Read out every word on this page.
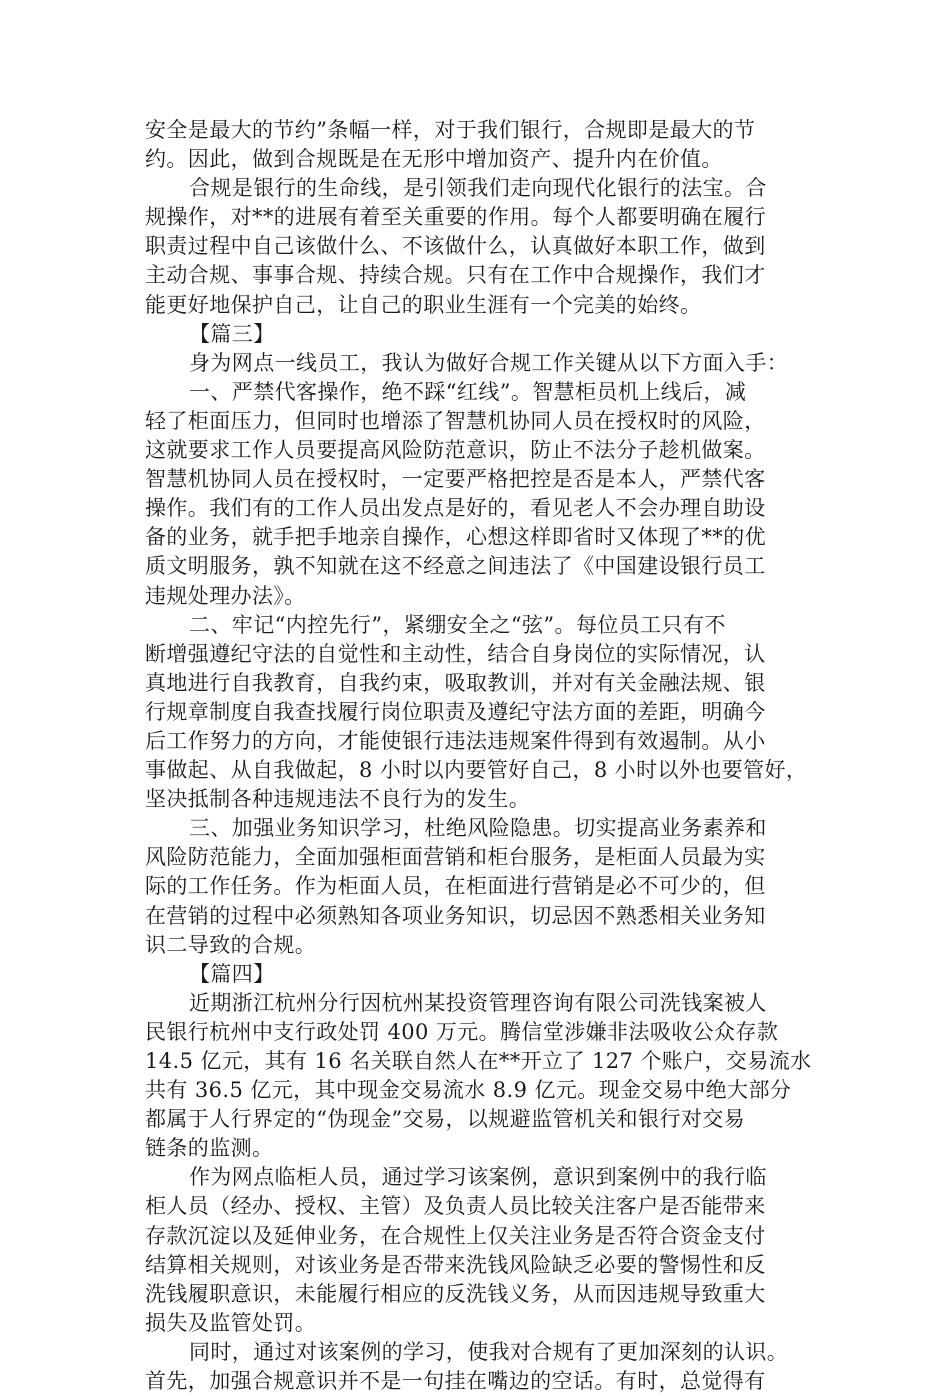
安全是最大的节约”条幅一样，对于我们银行，合规即是最大的节
约。因此，做到合规既是在无形中增加资产、提升内在价值。
合规是银行的生命线，是引领我们走向现代化银行的法宝。合
规操作，对**的进展有着至关重要的作用。每个人都要明确在履行
职责过程中自己该做什么、不该做什么，认真做好本职工作，做到
主动合规、事事合规、持续合规。只有在工作中合规操作，我们才
能更好地保护自己，让自己的职业生涯有一个完美的始终。
【篇三】
身为网点一线员工，我认为做好合规工作关键从以下方面入手：
一、严禁代客操作，绝不踩“红线”。智慧柜员机上线后，减
轻了柜面压力，但同时也增添了智慧机协同人员在授权时的风险，
这就要求工作人员要提高风险防范意识，防止不法分子趁机做案。
智慧机协同人员在授权时，一定要严格把控是否是本人，严禁代客
操作。我们有的工作人员出发点是好的，看见老人不会办理自助设
备的业务，就手把手地亲自操作，心想这样即省时又体现了**的优
质文明服务，孰不知就在这不经意之间违法了《中国建设银行员工
违规处理办法》。
二、牢记“内控先行”，紧绷安全之“弦”。每位员工只有不
断增强遵纪守法的自觉性和主动性，结合自身岗位的实际情况，认
真地进行自我教育，自我约束，吸取教训，并对有关金融法规、银
行规章制度自我查找履行岗位职责及遵纪守法方面的差距，明确今
后工作努力的方向，才能使银行违法违规案件得到有效遏制。从小
事做起、从自我做起，8 小时以内要管好自己，8 小时以外也要管好，
坚决抵制各种违规违法不良行为的发生。
三、加强业务知识学习，杜绝风险隐患。切实提高业务素养和
风险防范能力，全面加强柜面营销和柜台服务，是柜面人员最为实
际的工作任务。作为柜面人员，在柜面进行营销是必不可少的，但
在营销的过程中必须熟知各项业务知识，切忌因不熟悉相关业务知
识二导致的合规。
【篇四】
近期浙江杭州分行因杭州某投资管理咨询有限公司洗钱案被人
民银行杭州中支行政处罚 400 万元。腾信堂涉嫌非法吸收公众存款
14.5 亿元，其有 16 名关联自然人在**开立了 127 个账户，交易流水
共有 36.5 亿元，其中现金交易流水 8.9 亿元。现金交易中绝大部分
都属于人行界定的“伪现金”交易，以规避监管机关和银行对交易
链条的监测。
作为网点临柜人员，通过学习该案例，意识到案例中的我行临
柜人员（经办、授权、主管）及负责人员比较关注客户是否能带来
存款沉淀以及延伸业务，在合规性上仅关注业务是否符合资金支付
结算相关规则，对该业务是否带来洗钱风险缺乏必要的警惕性和反
洗钱履职意识，未能履行相应的反洗钱义务，从而因违规导致重大
损失及监管处罚。
同时，通过对该案例的学习，使我对合规有了更加深刻的认识。
首先，加强合规意识并不是一句挂在嘴边的空话。有时，总觉得有
